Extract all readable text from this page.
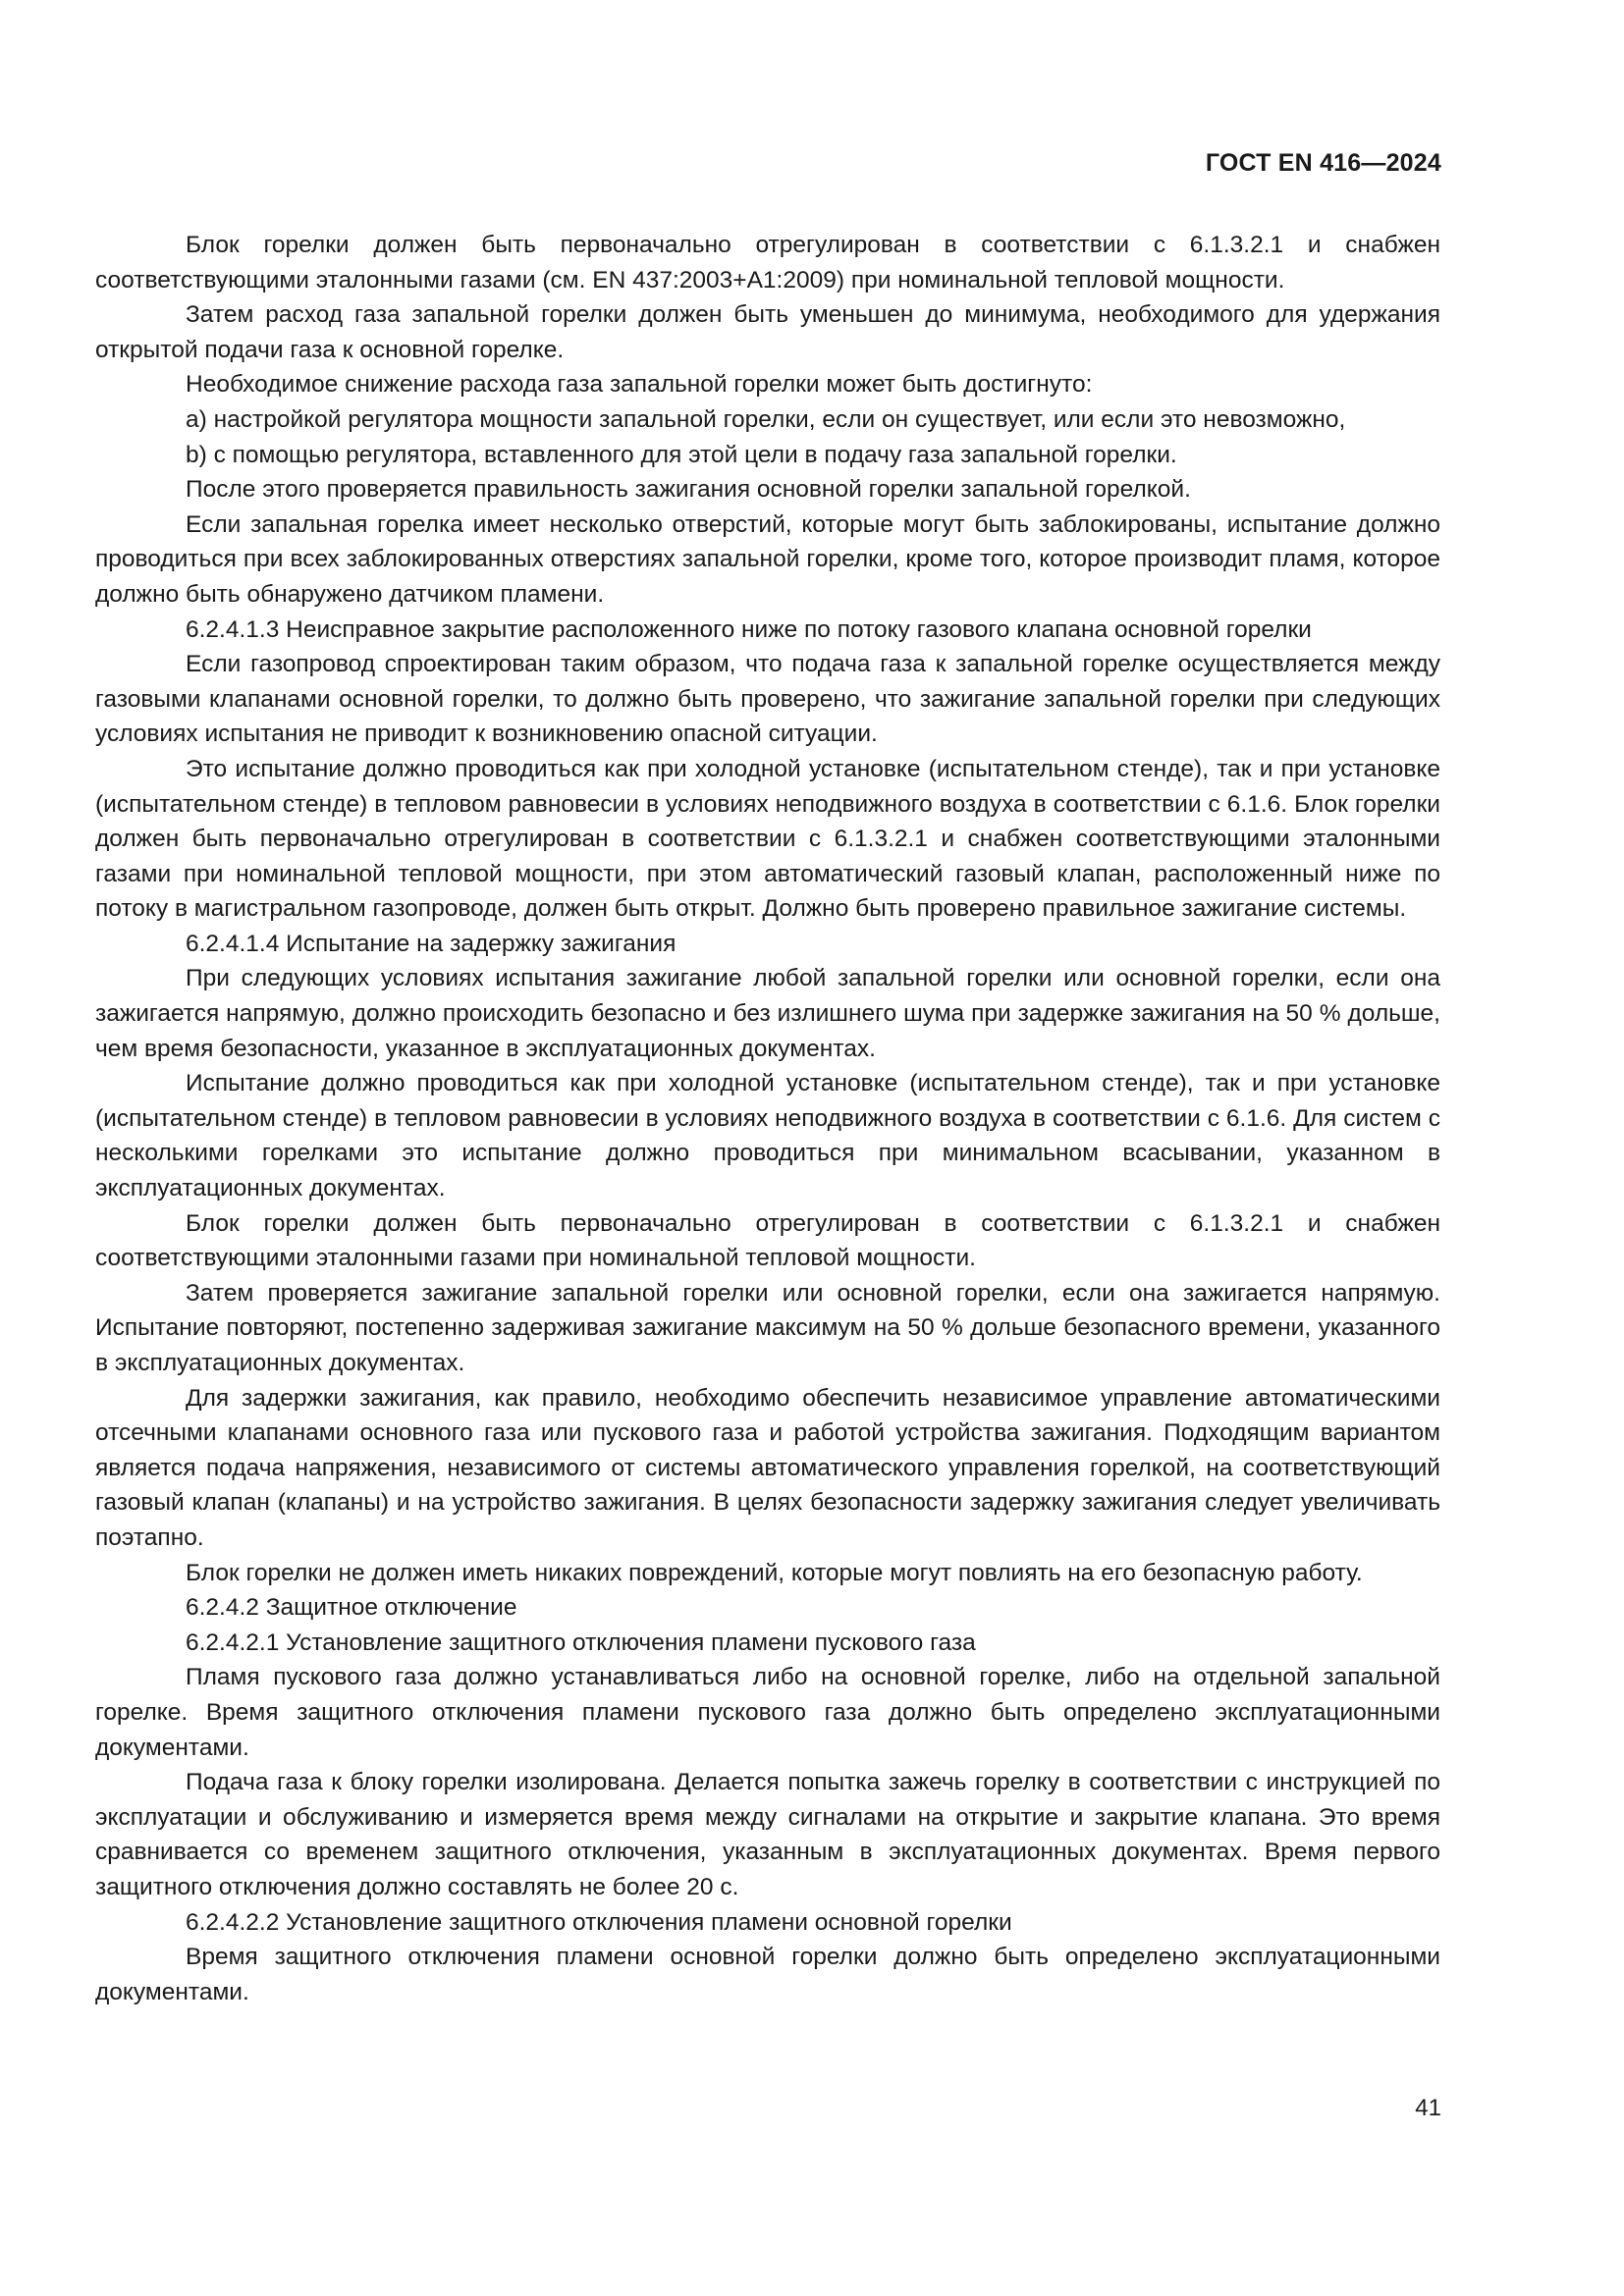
ГОСТ EN 416—2024

Блок горелки должен быть первоначально отрегулирован в соответствии с 6.1.3.2.1 и снабжен соответствующими эталонными газами (см. EN 437:2003+A1:2009) при номинальной тепловой мощности.

Затем расход газа запальной горелки должен быть уменьшен до минимума, необходимого для удержания открытой подачи газа к основной горелке.

Необходимое снижение расхода газа запальной горелки может быть достигнуто:

а) настройкой регулятора мощности запальной горелки, если он существует, или если это невозможно,

b) с помощью регулятора, вставленного для этой цели в подачу газа запальной горелки.

После этого проверяется правильность зажигания основной горелки запальной горелкой.

Если запальная горелка имеет несколько отверстий, которые могут быть заблокированы, испытание должно проводиться при всех заблокированных отверстиях запальной горелки, кроме того, которое производит пламя, которое должно быть обнаружено датчиком пламени.

6.2.4.1.3 Неисправное закрытие расположенного ниже по потоку газового клапана основной горелки

Если газопровод спроектирован таким образом, что подача газа к запальной горелке осуществляется между газовыми клапанами основной горелки, то должно быть проверено, что зажигание запальной горелки при следующих условиях испытания не приводит к возникновению опасной ситуации.

Это испытание должно проводиться как при холодной установке (испытательном стенде), так и при установке (испытательном стенде) в тепловом равновесии в условиях неподвижного воздуха в соответствии с 6.1.6. Блок горелки должен быть первоначально отрегулирован в соответствии с 6.1.3.2.1 и снабжен соответствующими эталонными газами при номинальной тепловой мощности, при этом автоматический газовый клапан, расположенный ниже по потоку в магистральном газопроводе, должен быть открыт. Должно быть проверено правильное зажигание системы.

6.2.4.1.4 Испытание на задержку зажигания

При следующих условиях испытания зажигание любой запальной горелки или основной горелки, если она зажигается напрямую, должно происходить безопасно и без излишнего шума при задержке зажигания на 50 % дольше, чем время безопасности, указанное в эксплуатационных документах.

Испытание должно проводиться как при холодной установке (испытательном стенде), так и при установке (испытательном стенде) в тепловом равновесии в условиях неподвижного воздуха в соответствии с 6.1.6. Для систем с несколькими горелками это испытание должно проводиться при минимальном всасывании, указанном в эксплуатационных документах.

Блок горелки должен быть первоначально отрегулирован в соответствии с 6.1.3.2.1 и снабжен соответствующими эталонными газами при номинальной тепловой мощности.

Затем проверяется зажигание запальной горелки или основной горелки, если она зажигается напрямую. Испытание повторяют, постепенно задерживая зажигание максимум на 50 % дольше безопасного времени, указанного в эксплуатационных документах.

Для задержки зажигания, как правило, необходимо обеспечить независимое управление автоматическими отсечными клапанами основного газа или пускового газа и работой устройства зажигания. Подходящим вариантом является подача напряжения, независимого от системы автоматического управления горелкой, на соответствующий газовый клапан (клапаны) и на устройство зажигания. В целях безопасности задержку зажигания следует увеличивать поэтапно.

Блок горелки не должен иметь никаких повреждений, которые могут повлиять на его безопасную работу.

6.2.4.2 Защитное отключение

6.2.4.2.1 Установление защитного отключения пламени пускового газа

Пламя пускового газа должно устанавливаться либо на основной горелке, либо на отдельной запальной горелке. Время защитного отключения пламени пускового газа должно быть определено эксплуатационными документами.

Подача газа к блоку горелки изолирована. Делается попытка зажечь горелку в соответствии с инструкцией по эксплуатации и обслуживанию и измеряется время между сигналами на открытие и закрытие клапана. Это время сравнивается со временем защитного отключения, указанным в эксплуатационных документах. Время первого защитного отключения должно составлять не более 20 с.

6.2.4.2.2 Установление защитного отключения пламени основной горелки

Время защитного отключения пламени основной горелки должно быть определено эксплуатационными документами.

41
